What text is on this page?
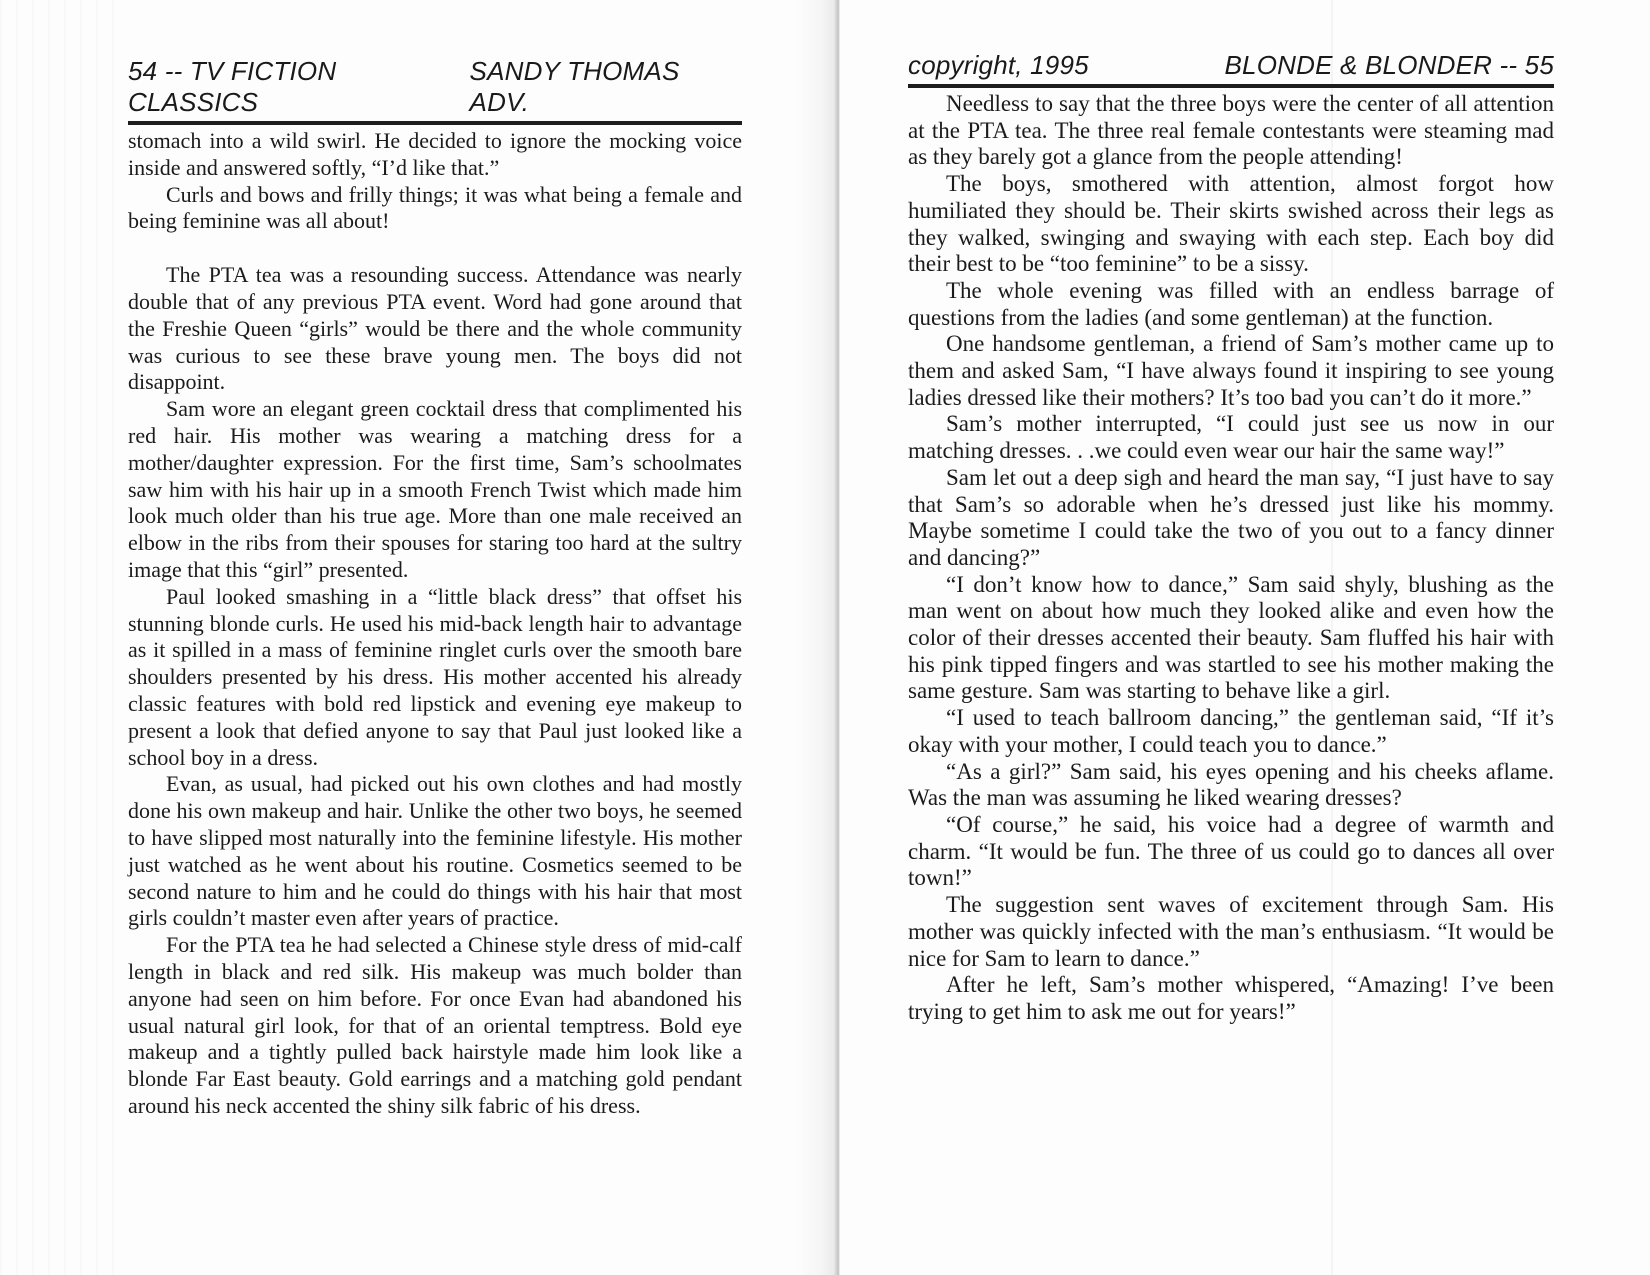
54 -- TV FICTION CLASSICS
SANDY THOMAS ADV.

stomach into a wild swirl. He decided to ignore the mocking voice inside and answered softly, “I’d like that.”

Curls and bows and frilly things; it was what being a female and being feminine was all about!

The PTA tea was a resounding success. Attendance was nearly double that of any previous PTA event. Word had gone around that the Freshie Queen “girls” would be there and the whole community was curious to see these brave young men. The boys did not disappoint.

Sam wore an elegant green cocktail dress that complimented his red hair. His mother was wearing a matching dress for a mother/daughter expression. For the first time, Sam’s schoolmates saw him with his hair up in a smooth French Twist which made him look much older than his true age. More than one male received an elbow in the ribs from their spouses for staring too hard at the sultry image that this “girl” presented.

Paul looked smashing in a “little black dress” that offset his stunning blonde curls. He used his mid-back length hair to advantage as it spilled in a mass of feminine ringlet curls over the smooth bare shoulders presented by his dress. His mother accented his already classic features with bold red lipstick and evening eye makeup to present a look that defied anyone to say that Paul just looked like a school boy in a dress.

Evan, as usual, had picked out his own clothes and had mostly done his own makeup and hair. Unlike the other two boys, he seemed to have slipped most naturally into the feminine lifestyle. His mother just watched as he went about his routine. Cosmetics seemed to be second nature to him and he could do things with his hair that most girls couldn’t master even after years of practice.

For the PTA tea he had selected a Chinese style dress of mid-calf length in black and red silk. His makeup was much bolder than anyone had seen on him before. For once Evan had abandoned his usual natural girl look, for that of an oriental temptress. Bold eye makeup and a tightly pulled back hairstyle made him look like a blonde Far East beauty. Gold earrings and a matching gold pendant around his neck accented the shiny silk fabric of his dress.

copyright, 1995	BLONDE & BLONDER -- 55

Needless to say that the three boys were the center of all attention at the PTA tea. The three real female contestants were steaming mad as they barely got a glance from the people attending!

The boys, smothered with attention, almost forgot how humiliated they should be. Their skirts swished across their legs as they walked, swinging and swaying with each step. Each boy did their best to be “too feminine” to be a sissy.

The whole evening was filled with an endless barrage of questions from the ladies (and some gentleman) at the function.

One handsome gentleman, a friend of Sam’s mother came up to them and asked Sam, “I have always found it inspiring to see young ladies dressed like their mothers? It’s too bad you can’t do it more.”

Sam’s mother interrupted, “I could just see us now in our matching dresses. . .we could even wear our hair the same way!”

Sam let out a deep sigh and heard the man say, “I just have to say that Sam’s so adorable when he’s dressed just like his mommy. Maybe sometime I could take the two of you out to a fancy dinner and dancing?”

“I don’t know how to dance,” Sam said shyly, blushing as the man went on about how much they looked alike and even how the color of their dresses accented their beauty. Sam fluffed his hair with his pink tipped fingers and was startled to see his mother making the same gesture. Sam was starting to behave like a girl.

“I used to teach ballroom dancing,” the gentleman said, “If it’s okay with your mother, I could teach you to dance.”

“As a girl?” Sam said, his eyes opening and his cheeks aflame. Was the man was assuming he liked wearing dresses?

“Of course,” he said, his voice had a degree of warmth and charm. “It would be fun. The three of us could go to dances all over town!”

The suggestion sent waves of excitement through Sam. His mother was quickly infected with the man’s enthusiasm. “It would be nice for Sam to learn to dance.”

After he left, Sam’s mother whispered, “Amazing! I’ve been trying to get him to ask me out for years!”
